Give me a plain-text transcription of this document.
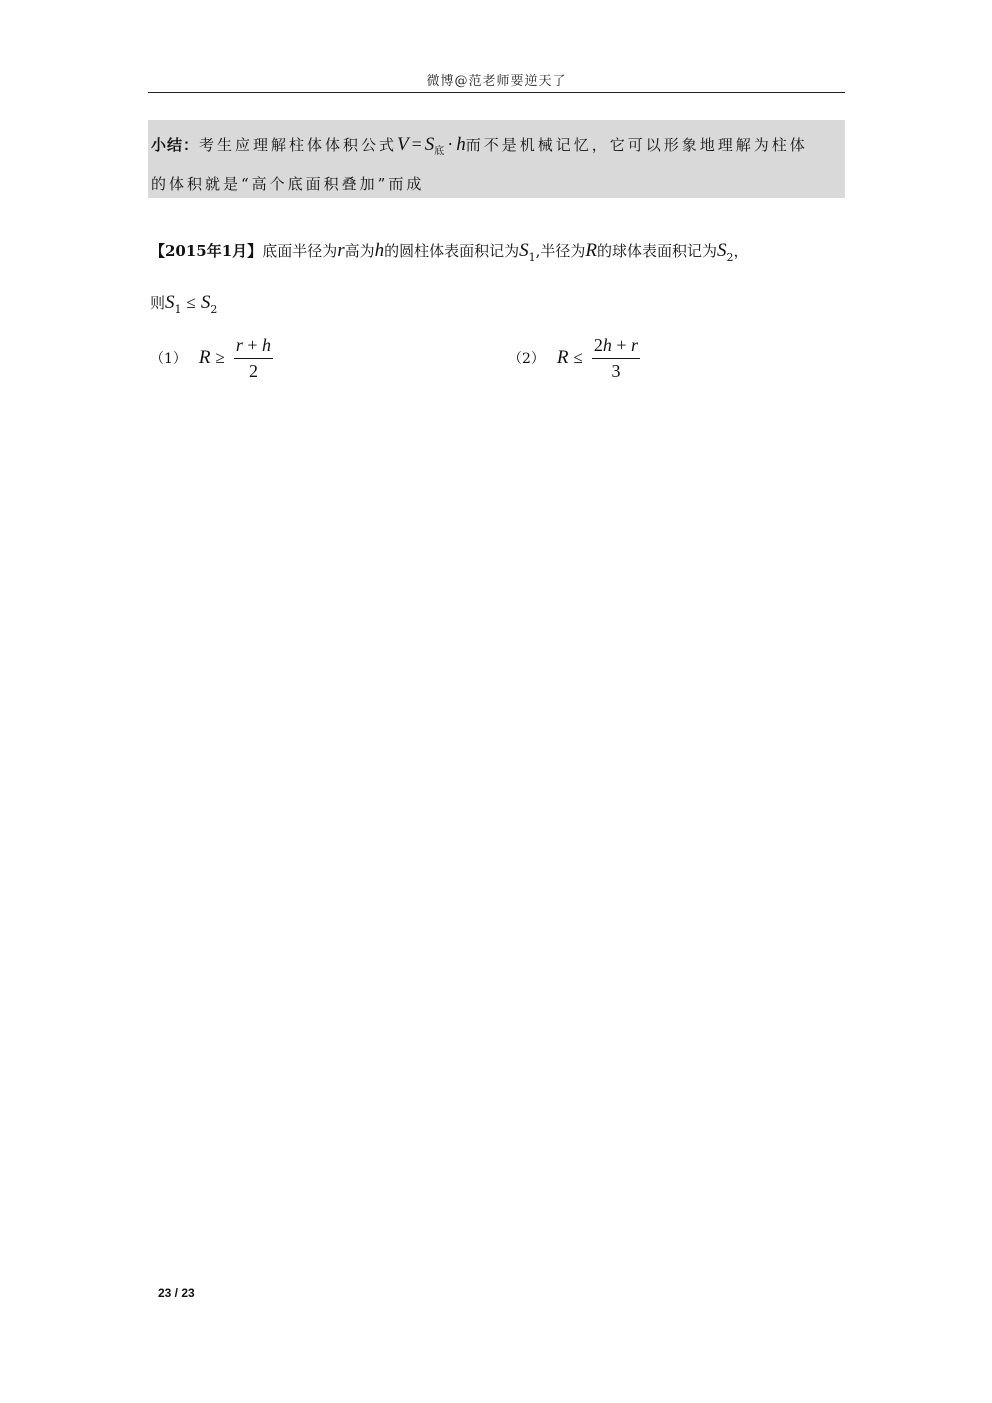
微博@范老师要逆天了
小结：考生应理解柱体体积公式$V = S_底 \cdot h$而不是机械记忆，它可以形象地理解为柱体
的体积就是“高个底面积叠加”而成
【2015年1月】底面半径为r高为h的圆柱体表面积记为$S_1$,半径为R的球体表面积记为$S_2$，
则$S_1 \le S_2$
（1） $R \ge \frac{r + h}{2}$	（2） $R \le \frac{2h + r}{3}$
23 / 23
